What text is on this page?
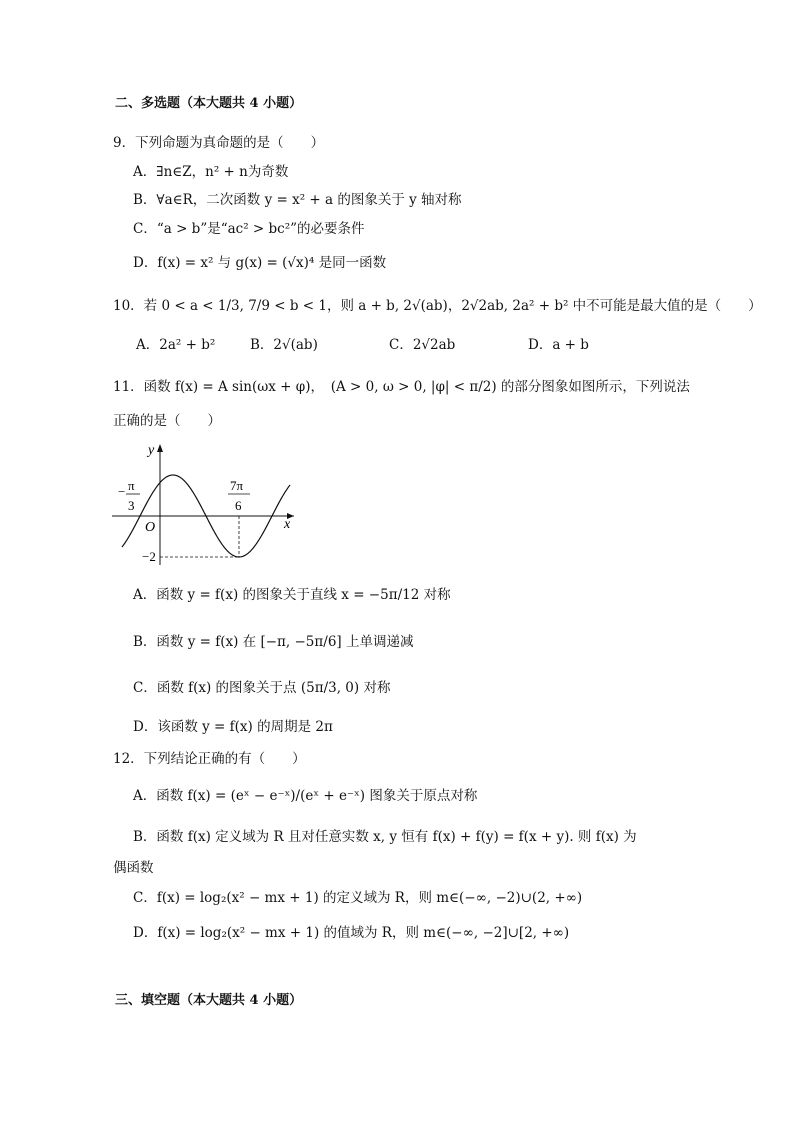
二、多选题（本大题共 4 小题）
9．下列命题为真命题的是（　　）
A．∃n∈Z，n² + n为奇数
B．∀a∈R，二次函数 y = x² + a 的图象关于 y 轴对称
C．“a > b”是“ac² > bc²”的必要条件
D．f(x) = x² 与 g(x) = (√x)⁴ 是同一函数
10．若 0 < a < 1/3, 7/9 < b < 1，则 a + b, 2√(ab)，2√2ab, 2a² + b² 中不可能是最大值的是（　　）
A．2a² + b²	B．2√(ab)	C．2√2ab	D．a + b
11．函数 f(x) = A sin(ωx + φ)，　(A > 0, ω > 0, |φ| < π/2) 的部分图象如图所示，下列说法
正确的是（　　）
y
x
O
− π
3
7π
6
−2
A．函数 y = f(x) 的图象关于直线 x = −5π/12 对称
B．函数 y = f(x) 在 [−π, −5π/6] 上单调递减
C．函数 f(x) 的图象关于点 (5π/3, 0) 对称
D．该函数 y = f(x) 的周期是 2π
12．下列结论正确的有（　　）
A．函数 f(x) = (eˣ − e⁻ˣ)/(eˣ + e⁻ˣ) 图象关于原点对称
B．函数 f(x) 定义域为 R 且对任意实数 x, y 恒有 f(x) + f(y) = f(x + y). 则 f(x) 为
偶函数
C．f(x) = log₂(x² − mx + 1) 的定义域为 R，则 m∈(−∞, −2)∪(2, +∞)
D．f(x) = log₂(x² − mx + 1) 的值域为 R，则 m∈(−∞, −2]∪[2, +∞)
三、填空题（本大题共 4 小题）
